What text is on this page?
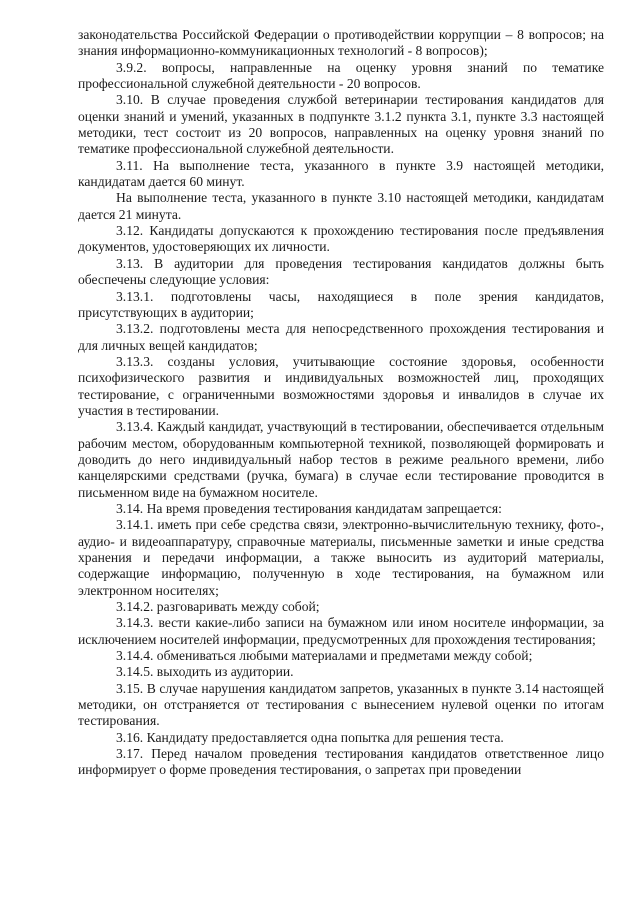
законодательства Российской Федерации о противодействии коррупции – 8 вопросов; на знания информационно-коммуникационных технологий - 8 вопросов);

3.9.2. вопросы, направленные на оценку уровня знаний по тематике профессиональной служебной деятельности - 20 вопросов.

3.10. В случае проведения службой ветеринарии тестирования кандидатов для оценки знаний и умений, указанных в подпункте 3.1.2 пункта 3.1, пункте 3.3 настоящей методики, тест состоит из 20 вопросов, направленных на оценку уровня знаний по тематике профессиональной служебной деятельности.

3.11. На выполнение теста, указанного в пункте 3.9 настоящей методики, кандидатам дается 60 минут.

На выполнение теста, указанного в пункте 3.10 настоящей методики, кандидатам дается 21 минута.

3.12. Кандидаты допускаются к прохождению тестирования после предъявления документов, удостоверяющих их личности.

3.13. В аудитории для проведения тестирования кандидатов должны быть обеспечены следующие условия:

3.13.1. подготовлены часы, находящиеся в поле зрения кандидатов, присутствующих в аудитории;

3.13.2. подготовлены места для непосредственного прохождения тестирования и для личных вещей кандидатов;

3.13.3. созданы условия, учитывающие состояние здоровья, особенности психофизического развития и индивидуальных возможностей лиц, проходящих тестирование, с ограниченными возможностями здоровья и инвалидов в случае их участия в тестировании.

3.13.4. Каждый кандидат, участвующий в тестировании, обеспечивается отдельным рабочим местом, оборудованным компьютерной техникой, позволяющей формировать и доводить до него индивидуальный набор тестов в режиме реального времени, либо канцелярскими средствами (ручка, бумага) в случае если тестирование проводится в письменном виде на бумажном носителе.

3.14. На время проведения тестирования кандидатам запрещается:

3.14.1. иметь при себе средства связи, электронно-вычислительную технику, фото-, аудио- и видеоаппаратуру, справочные материалы, письменные заметки и иные средства хранения и передачи информации, а также выносить из аудиторий материалы, содержащие информацию, полученную в ходе тестирования, на бумажном или электронном носителях;

3.14.2. разговаривать между собой;

3.14.3. вести какие-либо записи на бумажном или ином носителе информации, за исключением носителей информации, предусмотренных для прохождения тестирования;

3.14.4. обмениваться любыми материалами и предметами между собой;

3.14.5. выходить из аудитории.

3.15. В случае нарушения кандидатом запретов, указанных в пункте 3.14 настоящей методики, он отстраняется от тестирования с вынесением нулевой оценки по итогам тестирования.

3.16. Кандидату предоставляется одна попытка для решения теста.

3.17. Перед началом проведения тестирования кандидатов ответственное лицо информирует о форме проведения тестирования, о запретах при проведении
